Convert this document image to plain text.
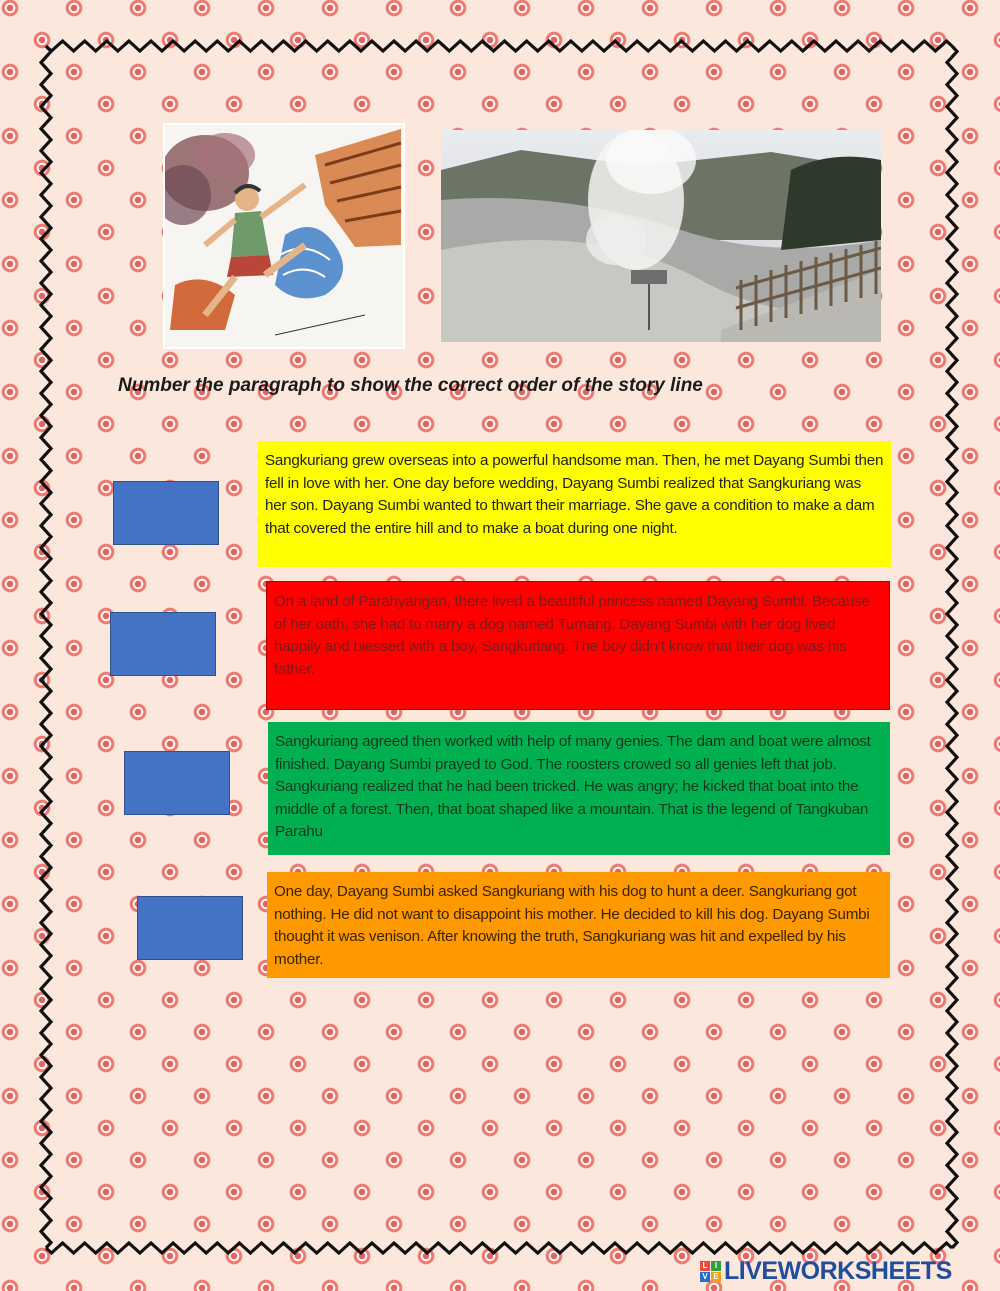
Number the paragraph to show the correct order of the story line
Sangkuriang grew overseas into a powerful handsome man. Then, he met Dayang Sumbi then fell in love with her. One day before wedding, Dayang Sumbi realized that Sangkuriang was her son. Dayang Sumbi wanted to thwart their marriage. She gave a condition to make a dam that covered the entire hill and to make a boat during one night.
On a land of Parahyangan, there lived a beautiful princess named Dayang Sumbi. Because of her oath, she had to marry a dog named Tumang. Dayang Sumbi with her dog lived happily and blessed with a boy, Sangkuriang. The boy didn't know that their dog was his father.
Sangkuriang agreed then worked with help of many genies. The dam and boat were almost finished. Dayang Sumbi prayed to God. The roosters crowed so all genies left that job. Sangkuriang realized that he had been tricked. He was angry; he kicked that boat into the middle of a forest. Then, that boat shaped like a mountain. That is the legend of Tangkuban Parahu
One day, Dayang Sumbi asked Sangkuriang with his dog to hunt a deer. Sangkuriang got nothing. He did not want to disappoint his mother. He decided to kill his dog. Dayang Sumbi thought it was venison. After knowing the truth, Sangkuriang was hit and expelled by his mother.
L I
V E LIVEWORKSHEETS
